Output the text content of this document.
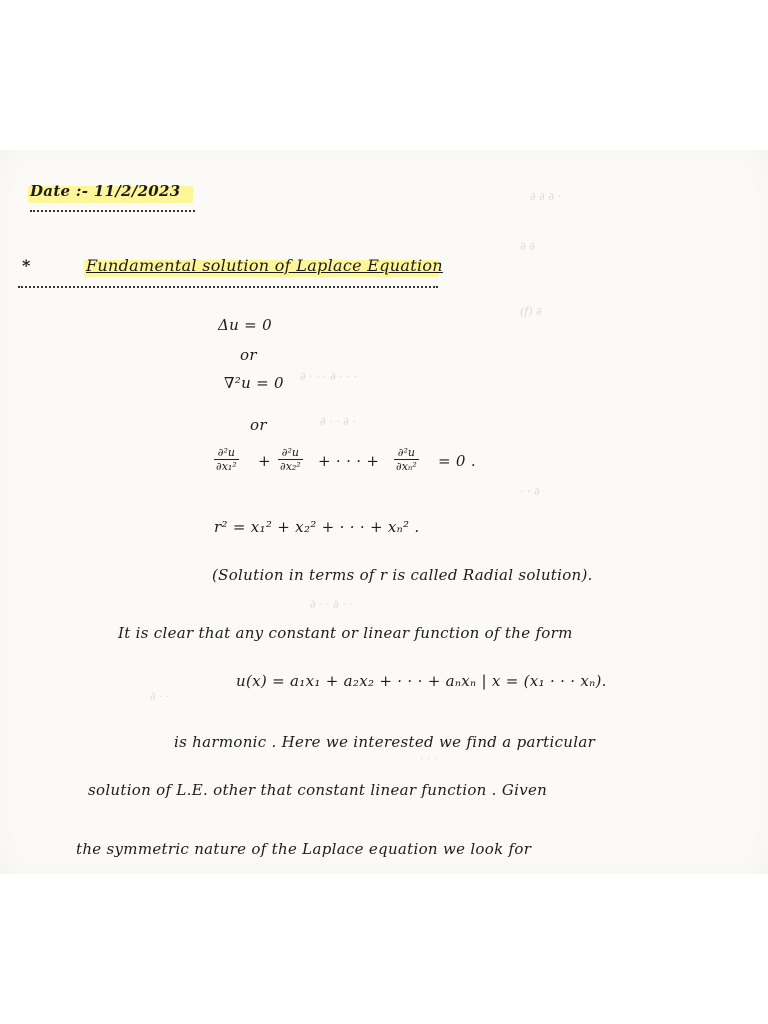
∂ ∂ ∂ ·
∂ ∂
(f) ∂
∂ · · · ∂ · · ·
∂ · · ∂ ·
· · ∂
∂ · · ∂ · ·
∂ · ·
· · ·
Date :- 11/2/2023
*	Fundamental solution of Laplace Equation
Δu = 0
or
∇²u = 0
or
$\frac{\text{∂²u}}{\text{∂x₁²}} + \frac{\text{∂²u}}{\text{∂x₂²}}$ + · · · + $\frac{\text{∂²u}}{\text{∂xₙ²}} = 0$ .
r² = x₁² + x₂² + · · · + xₙ² .
(Solution in terms of r is called Radial solution).
It is clear that any constant or linear function of the form
u(x) = a₁x₁ + a₂x₂ + · · · + aₙxₙ | x = (x₁ · · · xₙ).
is harmonic . Here we interested we find a particular
solution of L.E. other that constant linear function . Given
the symmetric nature of the Laplace equation we look for
